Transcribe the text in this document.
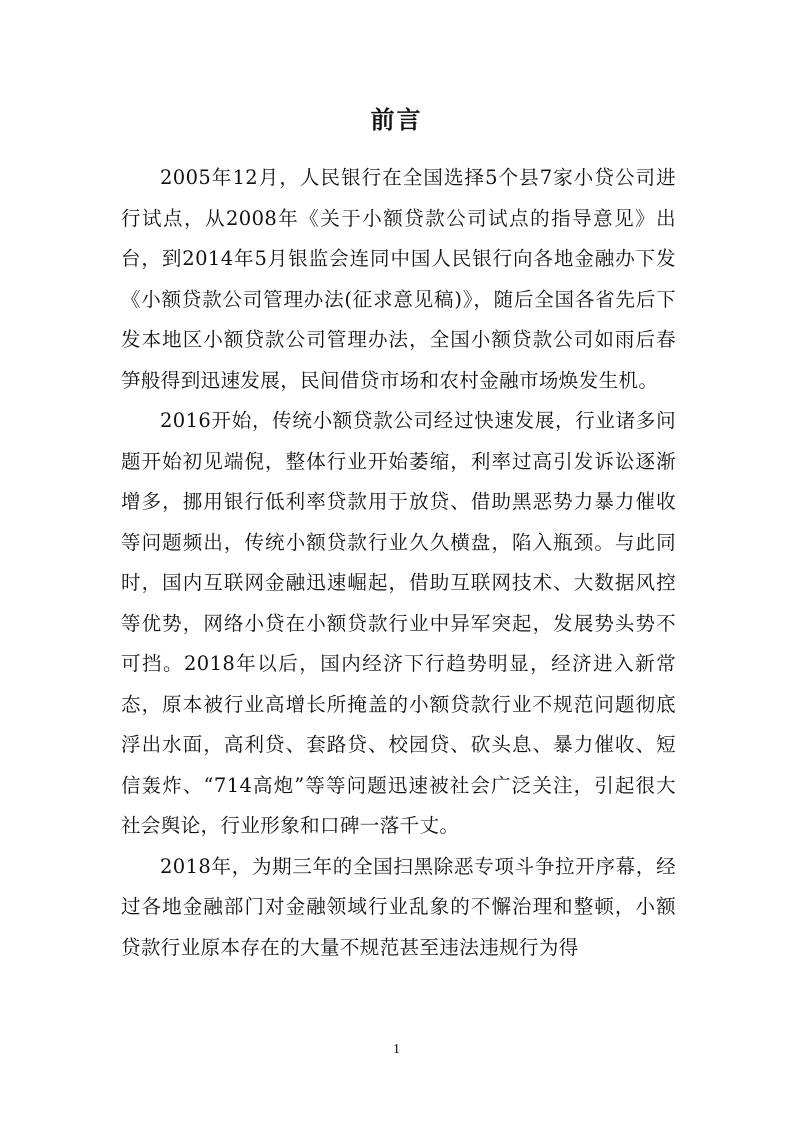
前言

2005年12月，人民银行在全国选择5个县7家小贷公司进行试点，从2008年《关于小额贷款公司试点的指导意见》出台，到2014年5月银监会连同中国人民银行向各地金融办下发《小额贷款公司管理办法(征求意见稿)》，随后全国各省先后下发本地区小额贷款公司管理办法，全国小额贷款公司如雨后春笋般得到迅速发展，民间借贷市场和农村金融市场焕发生机。

2016开始，传统小额贷款公司经过快速发展，行业诸多问题开始初见端倪，整体行业开始萎缩，利率过高引发诉讼逐渐增多，挪用银行低利率贷款用于放贷、借助黑恶势力暴力催收等问题频出，传统小额贷款行业久久横盘，陷入瓶颈。与此同时，国内互联网金融迅速崛起，借助互联网技术、大数据风控等优势，网络小贷在小额贷款行业中异军突起，发展势头势不可挡。2018年以后，国内经济下行趋势明显，经济进入新常态，原本被行业高增长所掩盖的小额贷款行业不规范问题彻底浮出水面，高利贷、套路贷、校园贷、砍头息、暴力催收、短信轰炸、“714高炮”等等问题迅速被社会广泛关注，引起很大社会舆论，行业形象和口碑一落千丈。

2018年，为期三年的全国扫黑除恶专项斗争拉开序幕，经过各地金融部门对金融领域行业乱象的不懈治理和整顿，小额贷款行业原本存在的大量不规范甚至违法违规行为得

1
